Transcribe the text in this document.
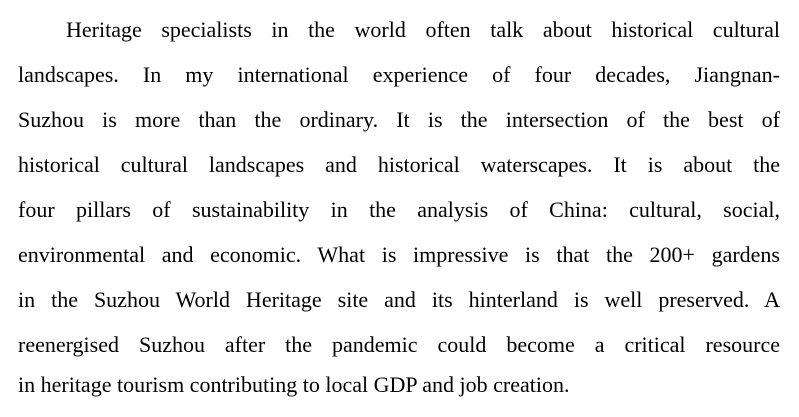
Heritage specialists in the world often talk about historical cultural
landscapes. In my international experience of four decades, Jiangnan-
Suzhou is more than the ordinary. It is the intersection of the best of
historical cultural landscapes and historical waterscapes. It is about the
four pillars of sustainability in the analysis of China: cultural, social,
environmental and economic. What is impressive is that the 200+ gardens
in the Suzhou World Heritage site and its hinterland is well preserved. A
reenergised Suzhou after the pandemic could become a critical resource
in heritage tourism contributing to local GDP and job creation.
